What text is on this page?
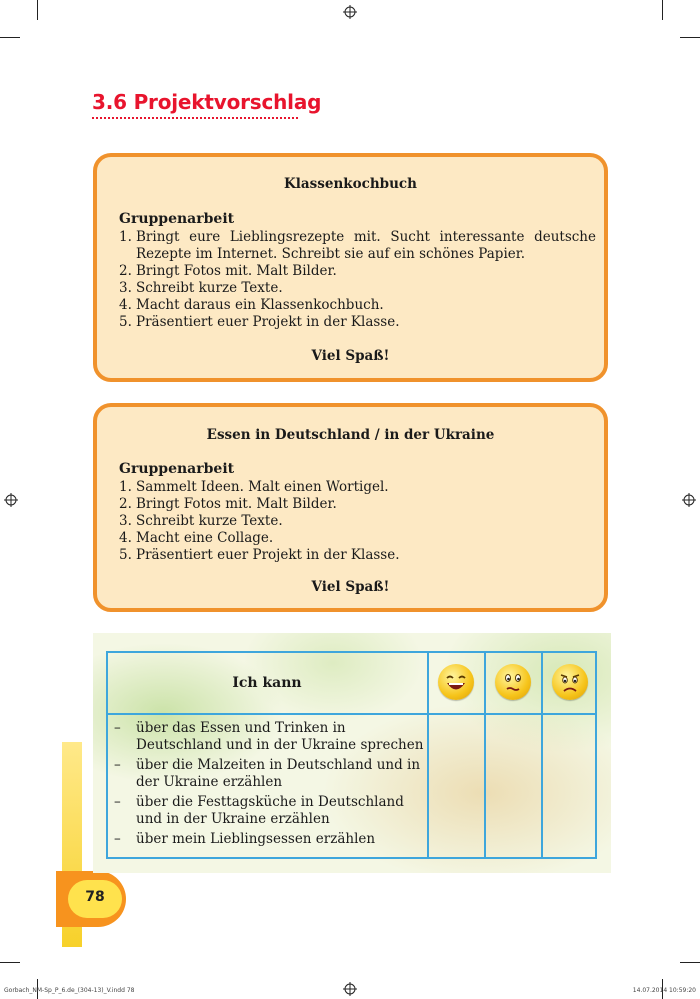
3.6 Projektvorschlag
Klassenkochbuch
Gruppenarbeit
1. Bringt eure Lieblingsrezepte mit. Sucht interessante deutsche Rezepte im Internet. Schreibt sie auf ein schönes Papier.
2. Bringt Fotos mit. Malt Bilder.
3. Schreibt kurze Texte.
4. Macht daraus ein Klassenkochbuch.
5. Präsentiert euer Projekt in der Klasse.
Viel Spaß!
Essen in Deutschland / in der Ukraine
Gruppenarbeit
1. Sammelt Ideen. Malt einen Wortigel.
2. Bringt Fotos mit. Malt Bilder.
3. Schreibt kurze Texte.
4. Macht eine Collage.
5. Präsentiert euer Projekt in der Klasse.
Viel Spaß!
78
Ich kann
–	über das Essen und Trinken in Deutschland und in der Ukraine sprechen
–	über die Malzeiten in Deutschland und in der Ukraine erzählen
–	über die Festtagsküche in Deutschland und in der Ukraine erzählen
–	über mein Lieblingsessen erzählen
Gorbach_NM-Sp_P_6.de_(304-13)_V.indd 78	14.07.2014 10:59:20
